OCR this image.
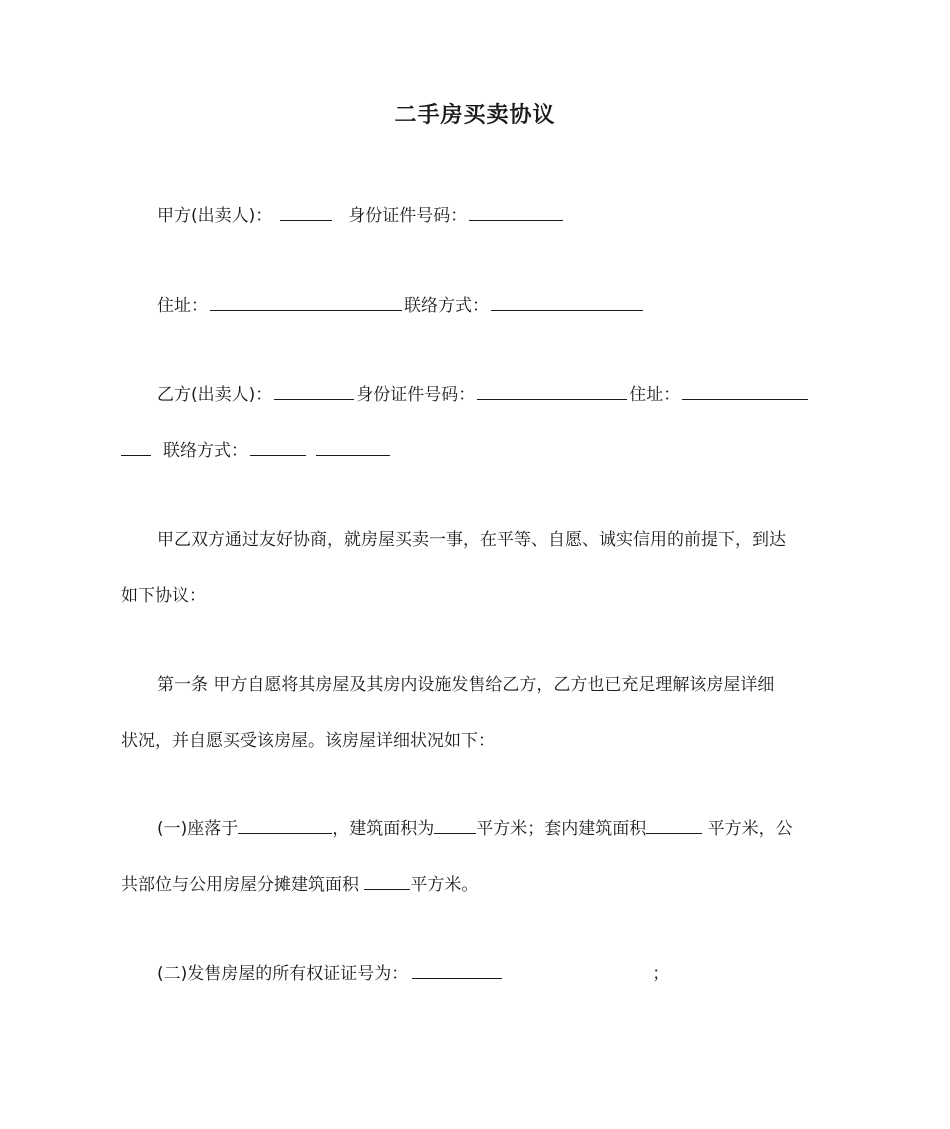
二手房买卖协议
甲方(出卖人)：	身份证件号码：
住址：	联络方式：
乙方(出卖人)：	身份证件号码：	住址：
联络方式：
甲乙双方通过友好协商，就房屋买卖一事，在平等、自愿、诚实信用的前提下，到达
如下协议：
第一条 甲方自愿将其房屋及其房内设施发售给乙方，乙方也已充足理解该房屋详细
状况，并自愿买受该房屋。该房屋详细状况如下：
(一)座落于	，建筑面积为 平方米；套内建筑面积	平方米，公
共部位与公用房屋分摊建筑面积	平方米。
(二)发售房屋的所有权证证号为：	；
